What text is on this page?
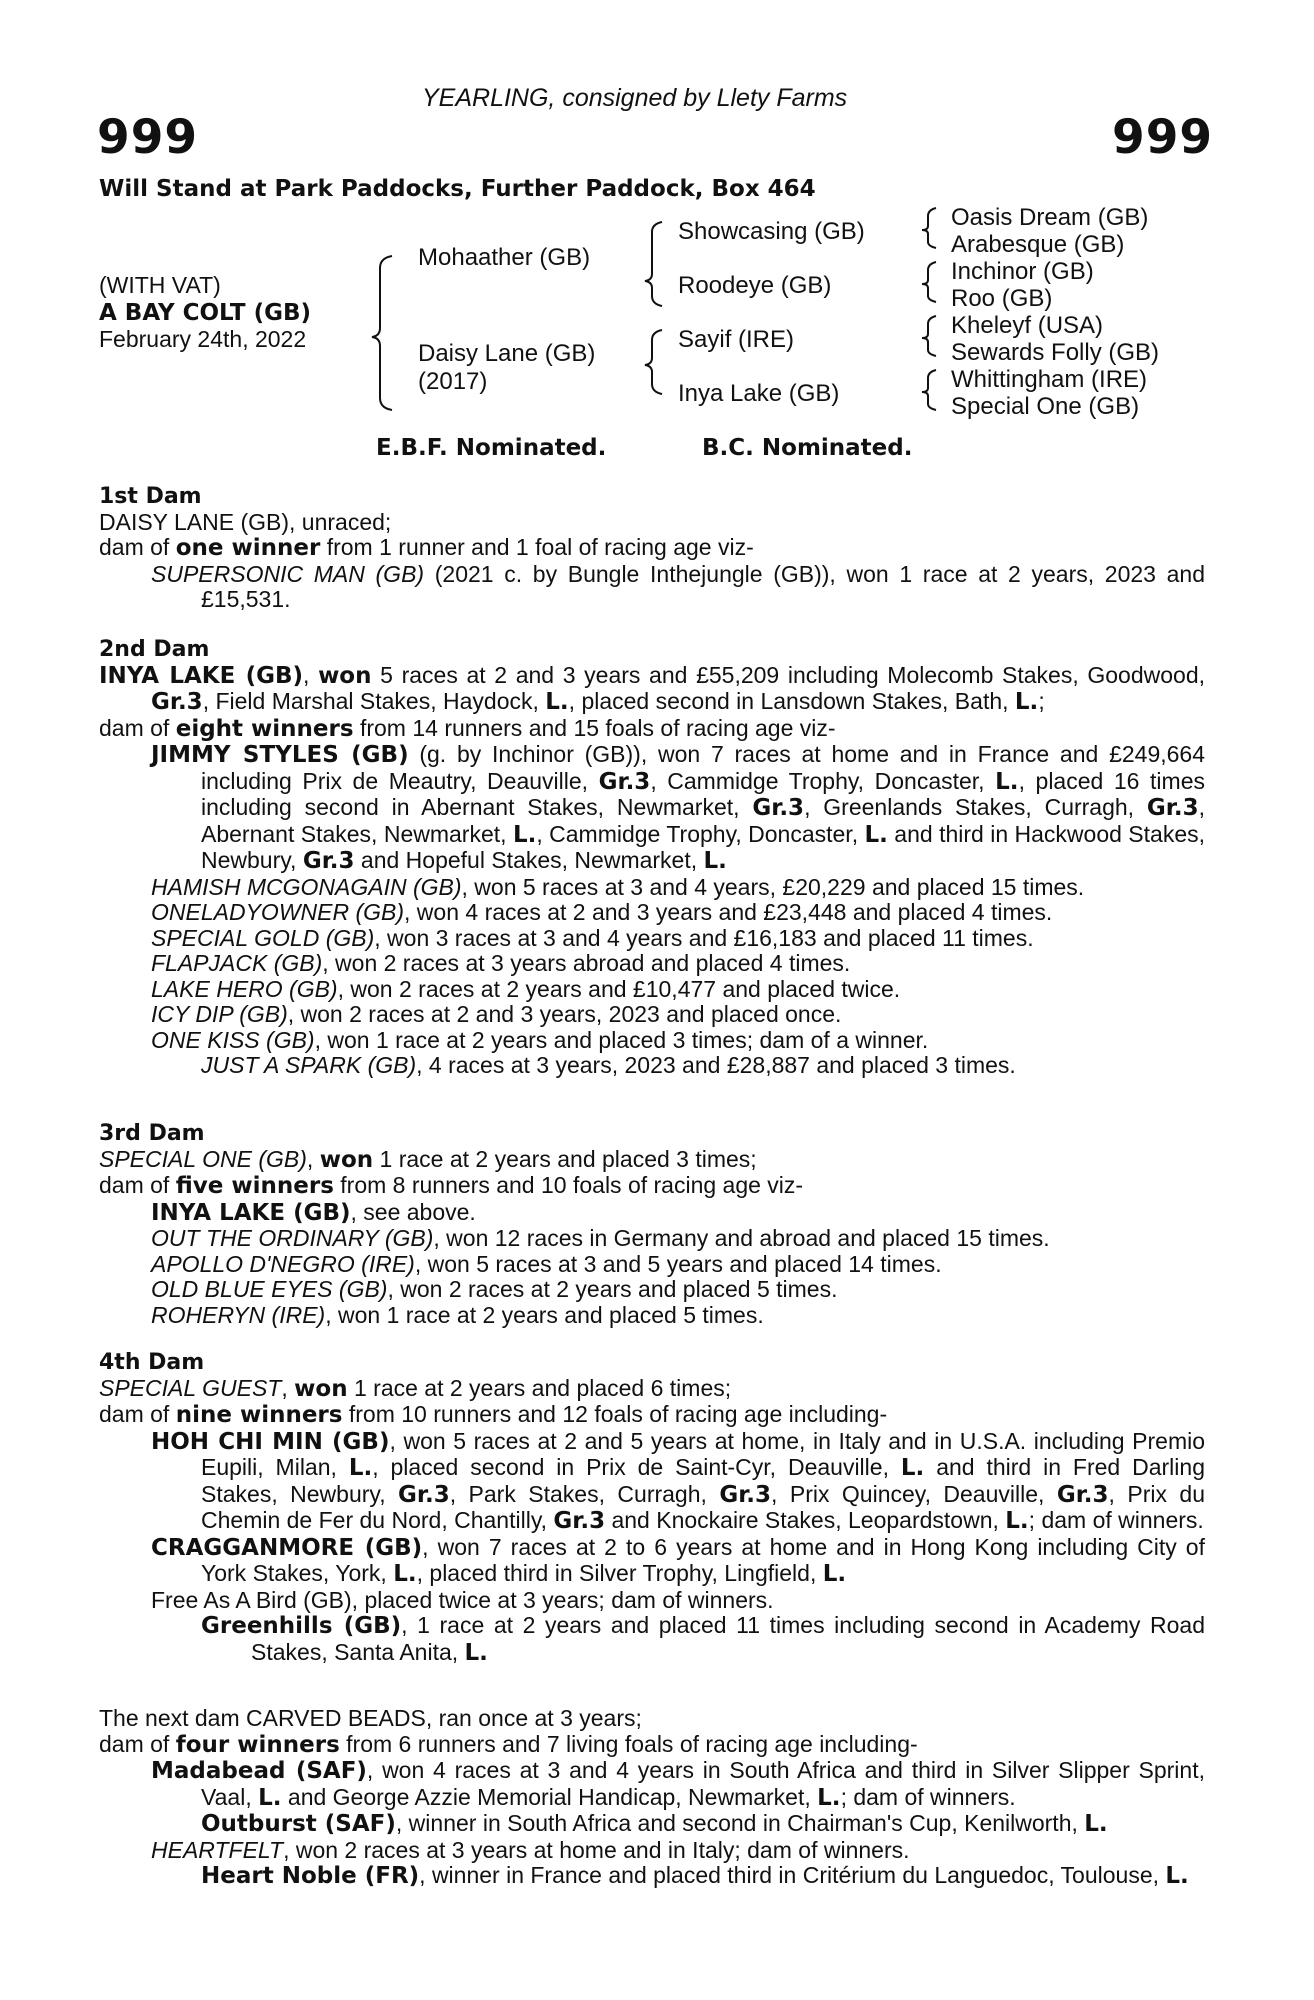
YEARLING, consigned by Llety Farms
999	999
Will Stand at Park Paddocks, Further Paddock, Box 464
(WITH VAT)
A BAY COLT (GB)
February 24th, 2022
Mohaather (GB)
Daisy Lane (GB)
(2017)
Showcasing (GB)
Roodeye (GB)
Sayif (IRE)
Inya Lake (GB)
Oasis Dream (GB)
Arabesque (GB)
Inchinor (GB)
Roo (GB)
Kheleyf (USA)
Sewards Folly (GB)
Whittingham (IRE)
Special One (GB)
E.B.F. Nominated.	B.C. Nominated.

1st Dam

DAISY LANE (GB), unraced;

dam of one winner from 1 runner and 1 foal of racing age viz-

SUPERSONIC MAN (GB) (2021 c. by Bungle Inthejungle (GB)), won 1 race at 2 years, 2023 and £15,531.

2nd Dam

INYA LAKE (GB), won 5 races at 2 and 3 years and £55,209 including Molecomb Stakes, Goodwood, Gr.3, Field Marshal Stakes, Haydock, L., placed second in Lansdown Stakes, Bath, L.;

dam of eight winners from 14 runners and 15 foals of racing age viz-

JIMMY STYLES (GB) (g. by Inchinor (GB)), won 7 races at home and in France and £249,664 including Prix de Meautry, Deauville, Gr.3, Cammidge Trophy, Doncaster, L., placed 16 times including second in Abernant Stakes, Newmarket, Gr.3, Greenlands Stakes, Curragh, Gr.3, Abernant Stakes, Newmarket, L., Cammidge Trophy, Doncaster, L. and third in Hackwood Stakes, Newbury, Gr.3 and Hopeful Stakes, Newmarket, L.

HAMISH MCGONAGAIN (GB), won 5 races at 3 and 4 years, £20,229 and placed 15 times.

ONELADYOWNER (GB), won 4 races at 2 and 3 years and £23,448 and placed 4 times.

SPECIAL GOLD (GB), won 3 races at 3 and 4 years and £16,183 and placed 11 times.

FLAPJACK (GB), won 2 races at 3 years abroad and placed 4 times.

LAKE HERO (GB), won 2 races at 2 years and £10,477 and placed twice.

ICY DIP (GB), won 2 races at 2 and 3 years, 2023 and placed once.

ONE KISS (GB), won 1 race at 2 years and placed 3 times; dam of a winner.

JUST A SPARK (GB), 4 races at 3 years, 2023 and £28,887 and placed 3 times.

3rd Dam

SPECIAL ONE (GB), won 1 race at 2 years and placed 3 times;

dam of five winners from 8 runners and 10 foals of racing age viz-

INYA LAKE (GB), see above.

OUT THE ORDINARY (GB), won 12 races in Germany and abroad and placed 15 times.

APOLLO D'NEGRO (IRE), won 5 races at 3 and 5 years and placed 14 times.

OLD BLUE EYES (GB), won 2 races at 2 years and placed 5 times.

ROHERYN (IRE), won 1 race at 2 years and placed 5 times.

4th Dam

SPECIAL GUEST, won 1 race at 2 years and placed 6 times;

dam of nine winners from 10 runners and 12 foals of racing age including-

HOH CHI MIN (GB), won 5 races at 2 and 5 years at home, in Italy and in U.S.A. including Premio Eupili, Milan, L., placed second in Prix de Saint-Cyr, Deauville, L. and third in Fred Darling Stakes, Newbury, Gr.3, Park Stakes, Curragh, Gr.3, Prix Quincey, Deauville, Gr.3, Prix du Chemin de Fer du Nord, Chantilly, Gr.3 and Knockaire Stakes, Leopardstown, L.; dam of winners.

CRAGGANMORE (GB), won 7 races at 2 to 6 years at home and in Hong Kong including City of York Stakes, York, L., placed third in Silver Trophy, Lingfield, L.

Free As A Bird (GB), placed twice at 3 years; dam of winners.

Greenhills (GB), 1 race at 2 years and placed 11 times including second in Academy Road Stakes, Santa Anita, L.

The next dam CARVED BEADS, ran once at 3 years;

dam of four winners from 6 runners and 7 living foals of racing age including-

Madabead (SAF), won 4 races at 3 and 4 years in South Africa and third in Silver Slipper Sprint, Vaal, L. and George Azzie Memorial Handicap, Newmarket, L.; dam of winners.

Outburst (SAF), winner in South Africa and second in Chairman's Cup, Kenilworth, L.

HEARTFELT, won 2 races at 3 years at home and in Italy; dam of winners.

Heart Noble (FR), winner in France and placed third in Critérium du Languedoc, Toulouse, L.
